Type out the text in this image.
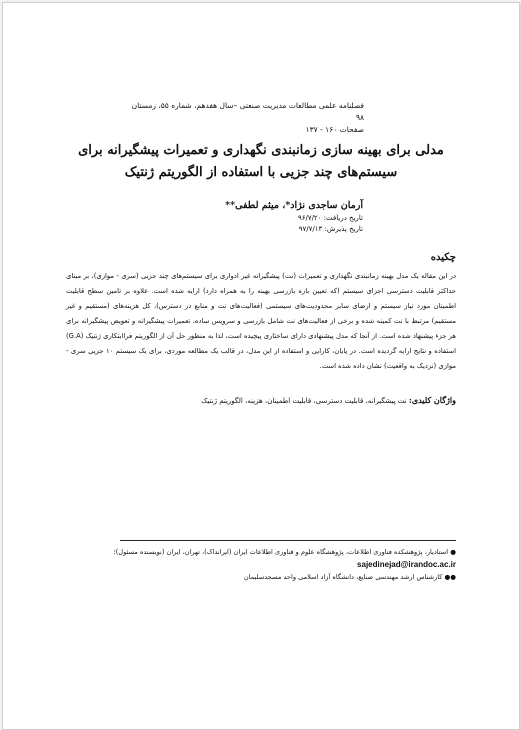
فصلنامه علمی مطالعات مدیریت صنعتی –سال هفدهم، شماره ۵۵، زمستان ۹۸
صفحات ۱۶۰ - ۱۳۷
مدلی برای بهینه سازی زمانبندی نگهداری و تعمیرات پیشگیرانه برای
سیستم‌های چند جزیی با استفاده از الگوریتم ژنتیک
آرمان ساجدی نژاد*، میثم لطفی**
تاریخ دریافت: ۹۶/۷/۲۰
تاریخ پذیرش: ۹۷/۷/۱۳
چکیده
در این مقاله یک مدل بهینه زمانبندی نگهداری و تعمیرات (نت) پیشگیرانه غیر ادواری برای سیستم‌های چند جزیی (سری - موازی)، بر مبنای حداکثر قابلیت دسترسی اجزای سیستم (که تعیین بازه بازرسی بهینه را به همراه دارد) ارایه شده است. علاوه بر تامین سطح قابلیت اطمینان مورد نیاز سیستم و ارضای سایر محدودیت‌های سیستمی (فعالیت‌های نت و منابع در دسترس)، کل هزینه‌های (مستقیم و غیر مستقیم) مرتبط با نت کمینه شده و برخی از فعالیت‌های نت شامل بازرسی و سرویس ساده، تعمیرات پیشگیرانه و تعویض پیشگیرانه برای هر جزء پیشنهاد شده است. از آنجا که مدل پیشنهادی دارای ساختاری پیچیده است، لذا به منظور حل آن از الگوریتم فراابتکاری ژنتیک (G.A) استفاده و نتایج ارایه گردیده است. در پایان، کارایی و استفاده از این مدل، در قالب یک مطالعه موردی، برای یک سیستم ۱۰ جزیی سری - موازی (نزدیک به واقعیت) نشان داده شده است.
واژگان کلیدی: نت پیشگیرانه، قابلیت دسترسی، قابلیت اطمینان، هزینه، الگوریتم ژنتیک
● استادیار، پژوهشکده فناوری اطلاعات، پژوهشگاه علوم و فناوری اطلاعات ایران (ایرانداک)، تهران، ایران (نویسنده مسئول)؛ sajedinejad@irandoc.ac.ir
●● کارشناس ارشد مهندسی صنایع، دانشگاه آزاد اسلامی واحد مسجدسلیمان
